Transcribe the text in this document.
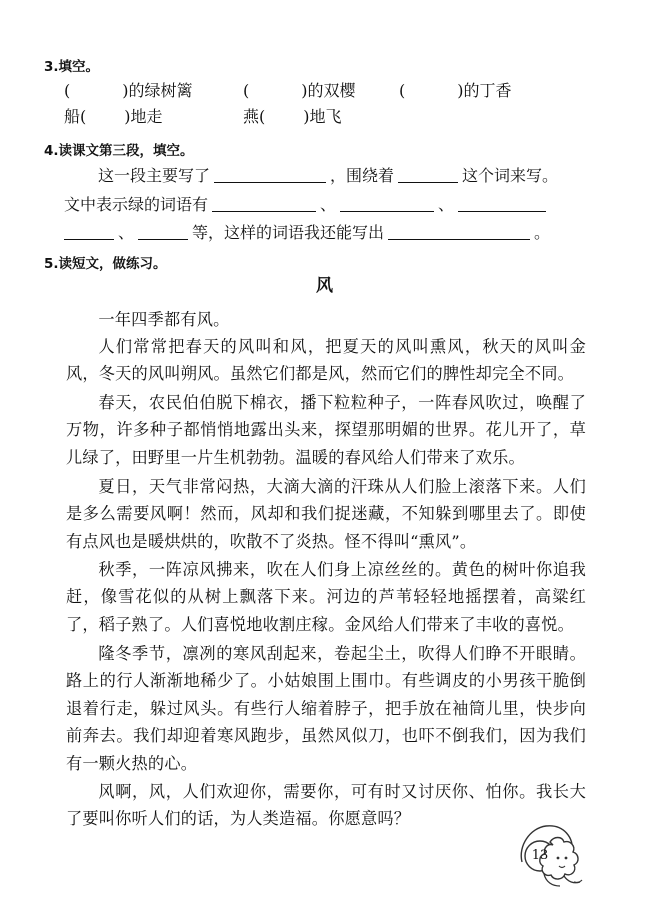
3.填空。
(	)的绿树篱	(	)的双樱	(	)的丁香
船( )地走	燕( )地飞
4.读课文第三段，填空。
这一段主要写了	，围绕着	这个词来写。
文中表示绿的词语有	、	、
、	等，这样的词语我还能写出	。
5.读短文，做练习。
风
一年四季都有风。
人们常常把春天的风叫和风，把夏天的风叫熏风，秋天的风叫金风，冬天的风叫朔风。虽然它们都是风，然而它们的脾性却完全不同。
春天，农民伯伯脱下棉衣，播下粒粒种子，一阵春风吹过，唤醒了万物，许多种子都悄悄地露出头来，探望那明媚的世界。花儿开了，草儿绿了，田野里一片生机勃勃。温暖的春风给人们带来了欢乐。
夏日，天气非常闷热，大滴大滴的汗珠从人们脸上滚落下来。人们是多么需要风啊！然而，风却和我们捉迷藏，不知躲到哪里去了。即使有点风也是暖烘烘的，吹散不了炎热。怪不得叫“熏风”。
秋季，一阵凉风拂来，吹在人们身上凉丝丝的。黄色的树叶你追我赶，像雪花似的从树上飘落下来。河边的芦苇轻轻地摇摆着，高粱红了，稻子熟了。人们喜悦地收割庄稼。金风给人们带来了丰收的喜悦。
隆冬季节，凛冽的寒风刮起来，卷起尘土，吹得人们睁不开眼睛。路上的行人渐渐地稀少了。小姑娘围上围巾。有些调皮的小男孩干脆倒退着行走，躲过风头。有些行人缩着脖子，把手放在袖筒儿里，快步向前奔去。我们却迎着寒风跑步，虽然风似刀，也吓不倒我们，因为我们有一颗火热的心。
风啊，风，人们欢迎你，需要你，可有时又讨厌你、怕你。我长大了要叫你听人们的话，为人类造福。你愿意吗？
13
